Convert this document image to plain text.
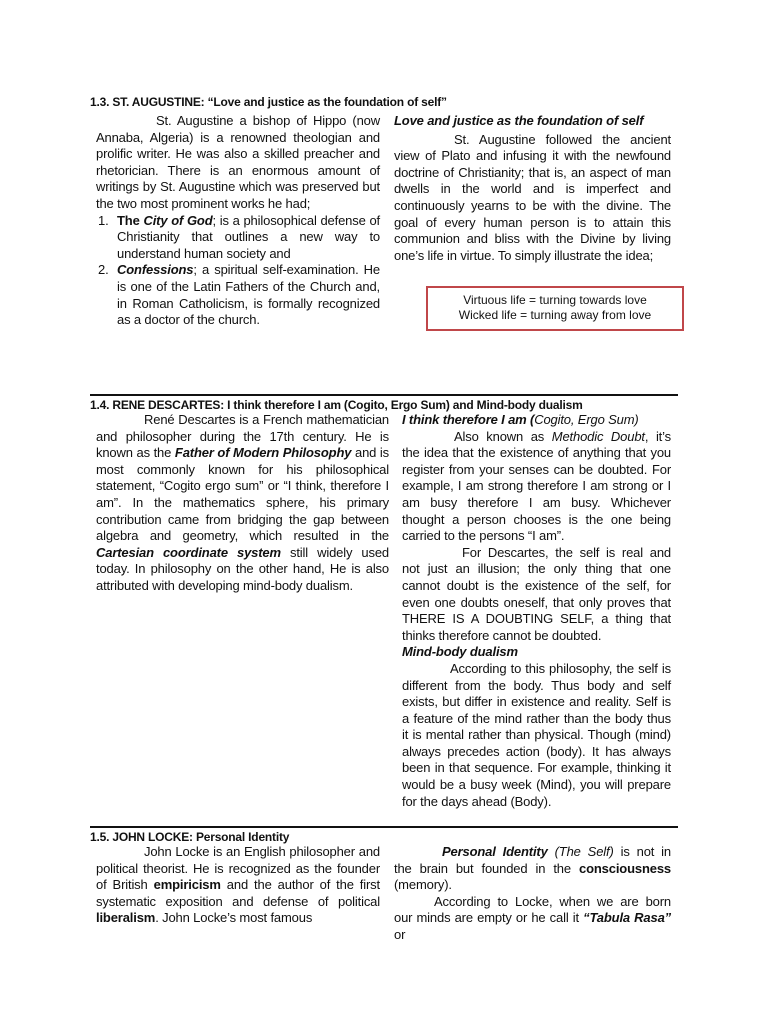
1.3. ST. AUGUSTINE: “Love and justice as the foundation of self”

St. Augustine a bishop of Hippo (now Annaba, Algeria) is a renowned theologian and prolific writer. He was also a skilled preacher and rhetorician. There is an enormous amount of writings by St. Augustine which was preserved but the two most prominent works he had;

1. The City of God; is a philosophical defense of Christianity that outlines a new way to understand human society and
2. Confessions; a spiritual self-examination. He is one of the Latin Fathers of the Church and, in Roman Catholicism, is formally recognized as a doctor of the church.

Love and justice as the foundation of self

St. Augustine followed the ancient view of Plato and infusing it with the newfound doctrine of Christianity; that is, an aspect of man dwells in the world and is imperfect and continuously yearns to be with the divine. The goal of every human person is to attain this communion and bliss with the Divine by living one’s life in virtue. To simply illustrate the idea;

Virtuous life = turning towards love
Wicked life = turning away from love
1.4. RENE DESCARTES: I think therefore I am (Cogito, Ergo Sum) and Mind-body dualism

René Descartes is a French mathematician and philosopher during the 17th century. He is known as the Father of Modern Philosophy and is most commonly known for his philosophical statement, “Cogito ergo sum” or “I think, therefore I am”. In the mathematics sphere, his primary contribution came from bridging the gap between algebra and geometry, which resulted in the Cartesian coordinate system still widely used today. In philosophy on the other hand, He is also attributed with developing mind-body dualism.

I think therefore I am (Cogito, Ergo Sum)

Also known as Methodic Doubt, it’s the idea that the existence of anything that you register from your senses can be doubted. For example, I am strong therefore I am strong or I am busy therefore I am busy. Whichever thought a person chooses is the one being carried to the persons “I am”.

For Descartes, the self is real and not just an illusion; the only thing that one cannot doubt is the existence of the self, for even one doubts oneself, that only proves that THERE IS A DOUBTING SELF, a thing that thinks therefore cannot be doubted.

Mind-body dualism

According to this philosophy, the self is different from the body. Thus body and self exists, but differ in existence and reality. Self is a feature of the mind rather than the body thus it is mental rather than physical. Though (mind) always precedes action (body). It has always been in that sequence. For example, thinking it would be a busy week (Mind), you will prepare for the days ahead (Body).

1.5. JOHN LOCKE: Personal Identity

John Locke is an English philosopher and political theorist. He is recognized as the founder of British empiricism and the author of the first systematic exposition and defense of political liberalism. John Locke’s most famous

Personal Identity (The Self) is not in the brain but founded in the consciousness (memory).

According to Locke, when we are born our minds are empty or he call it “Tabula Rasa” or
